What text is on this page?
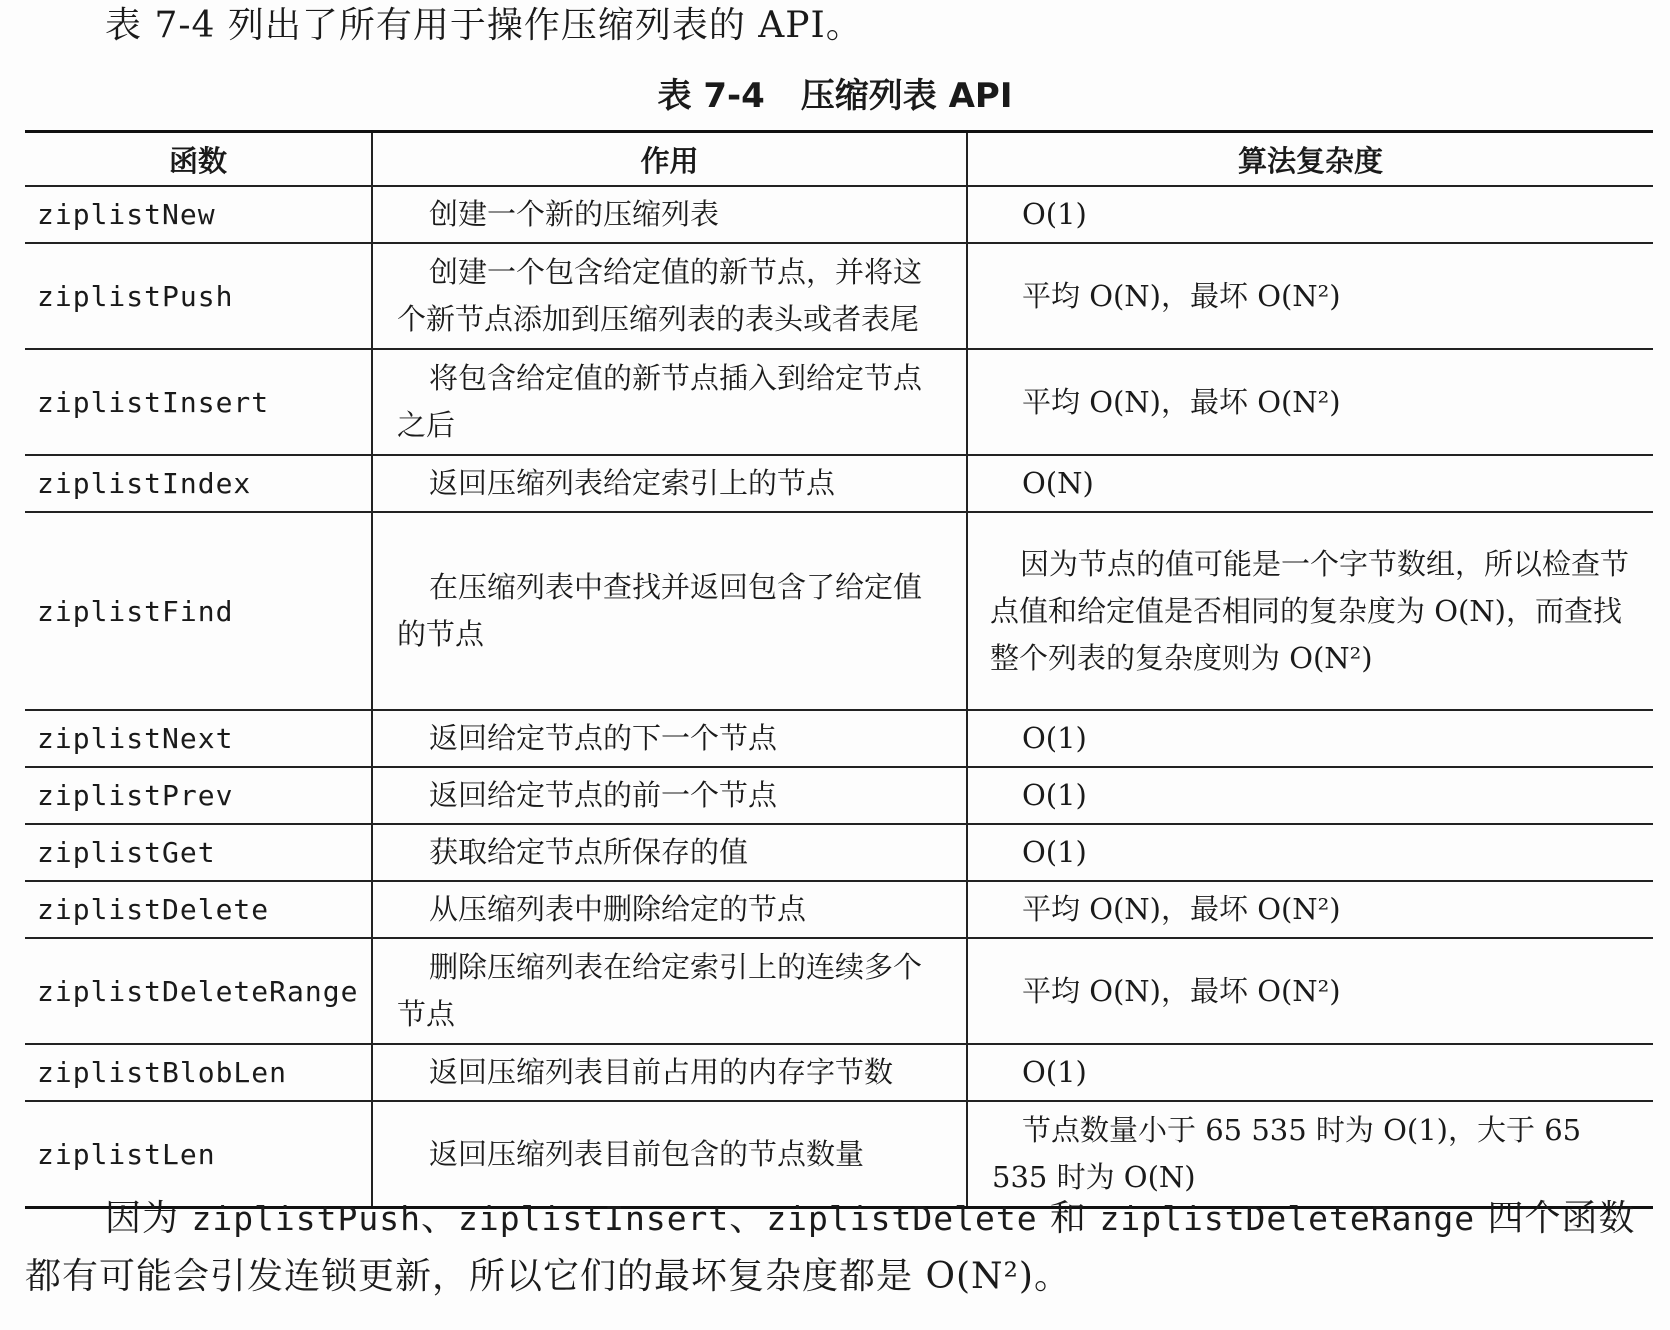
表 7-4 列出了所有用于操作压缩列表的 API。
表 7-4 压缩列表 API
函数	作用	算法复杂度
ziplistNew	创建一个新的压缩列表	O(1)
ziplistPush	创建一个包含给定值的新节点，并将这个新节点添加到压缩列表的表头或者表尾	平均 O(N)，最坏 O(N²)
ziplistInsert	将包含给定值的新节点插入到给定节点之后	平均 O(N)，最坏 O(N²)
ziplistIndex	返回压缩列表给定索引上的节点	O(N)
ziplistFind	在压缩列表中查找并返回包含了给定值的节点	因为节点的值可能是一个字节数组，所以检查节点值和给定值是否相同的复杂度为 O(N)，而查找整个列表的复杂度则为 O(N²)
ziplistNext	返回给定节点的下一个节点	O(1)
ziplistPrev	返回给定节点的前一个节点	O(1)
ziplistGet	获取给定节点所保存的值	O(1)
ziplistDelete	从压缩列表中删除给定的节点	平均 O(N)，最坏 O(N²)
ziplistDeleteRange	删除压缩列表在给定索引上的连续多个节点	平均 O(N)，最坏 O(N²)
ziplistBlobLen	返回压缩列表目前占用的内存字节数	O(1)
ziplistLen	返回压缩列表目前包含的节点数量	节点数量小于 65 535 时为 O(1)，大于 65 535 时为 O(N)

因为 ziplistPush、ziplistInsert、ziplistDelete 和 ziplistDeleteRange 四个函数都有可能会引发连锁更新，所以它们的最坏复杂度都是 O(N²)。
